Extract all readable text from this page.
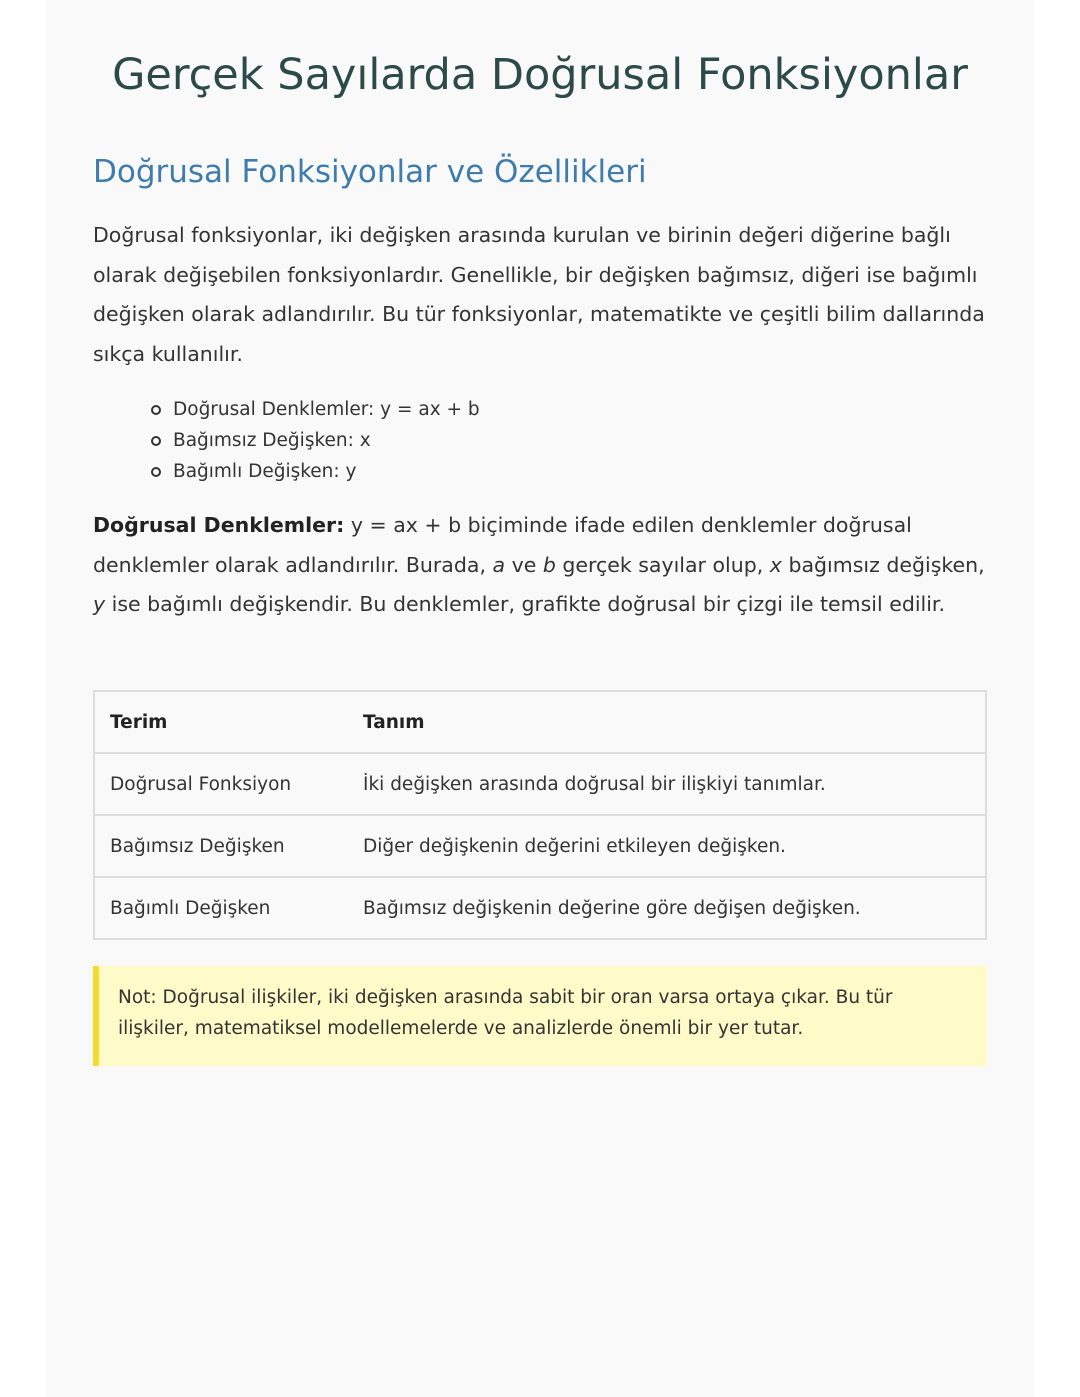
Gerçek Sayılarda Doğrusal Fonksiyonlar
Doğrusal Fonksiyonlar ve Özellikleri

Doğrusal fonksiyonlar, iki değişken arasında kurulan ve birinin değeri diğerine bağlı olarak değişebilen fonksiyonlardır. Genellikle, bir değişken bağımsız, diğeri ise bağımlı değişken olarak adlandırılır. Bu tür fonksiyonlar, matematikte ve çeşitli bilim dallarında sıkça kullanılır.

Doğrusal Denklemler: y = ax + b
Bağımsız Değişken: x
Bağımlı Değişken: y

Doğrusal Denklemler: y = ax + b biçiminde ifade edilen denklemler doğrusal denklemler olarak adlandırılır. Burada, a ve b gerçek sayılar olup, x bağımsız değişken, y ise bağımlı değişkendir. Bu denklemler, grafikte doğrusal bir çizgi ile temsil edilir.

Terim	Tanım
Doğrusal Fonksiyon	İki değişken arasında doğrusal bir ilişkiyi tanımlar.
Bağımsız Değişken	Diğer değişkenin değerini etkileyen değişken.
Bağımlı Değişken	Bağımsız değişkenin değerine göre değişen değişken.
Not: Doğrusal ilişkiler, iki değişken arasında sabit bir oran varsa ortaya çıkar. Bu tür ilişkiler, matematiksel modellemelerde ve analizlerde önemli bir yer tutar.
